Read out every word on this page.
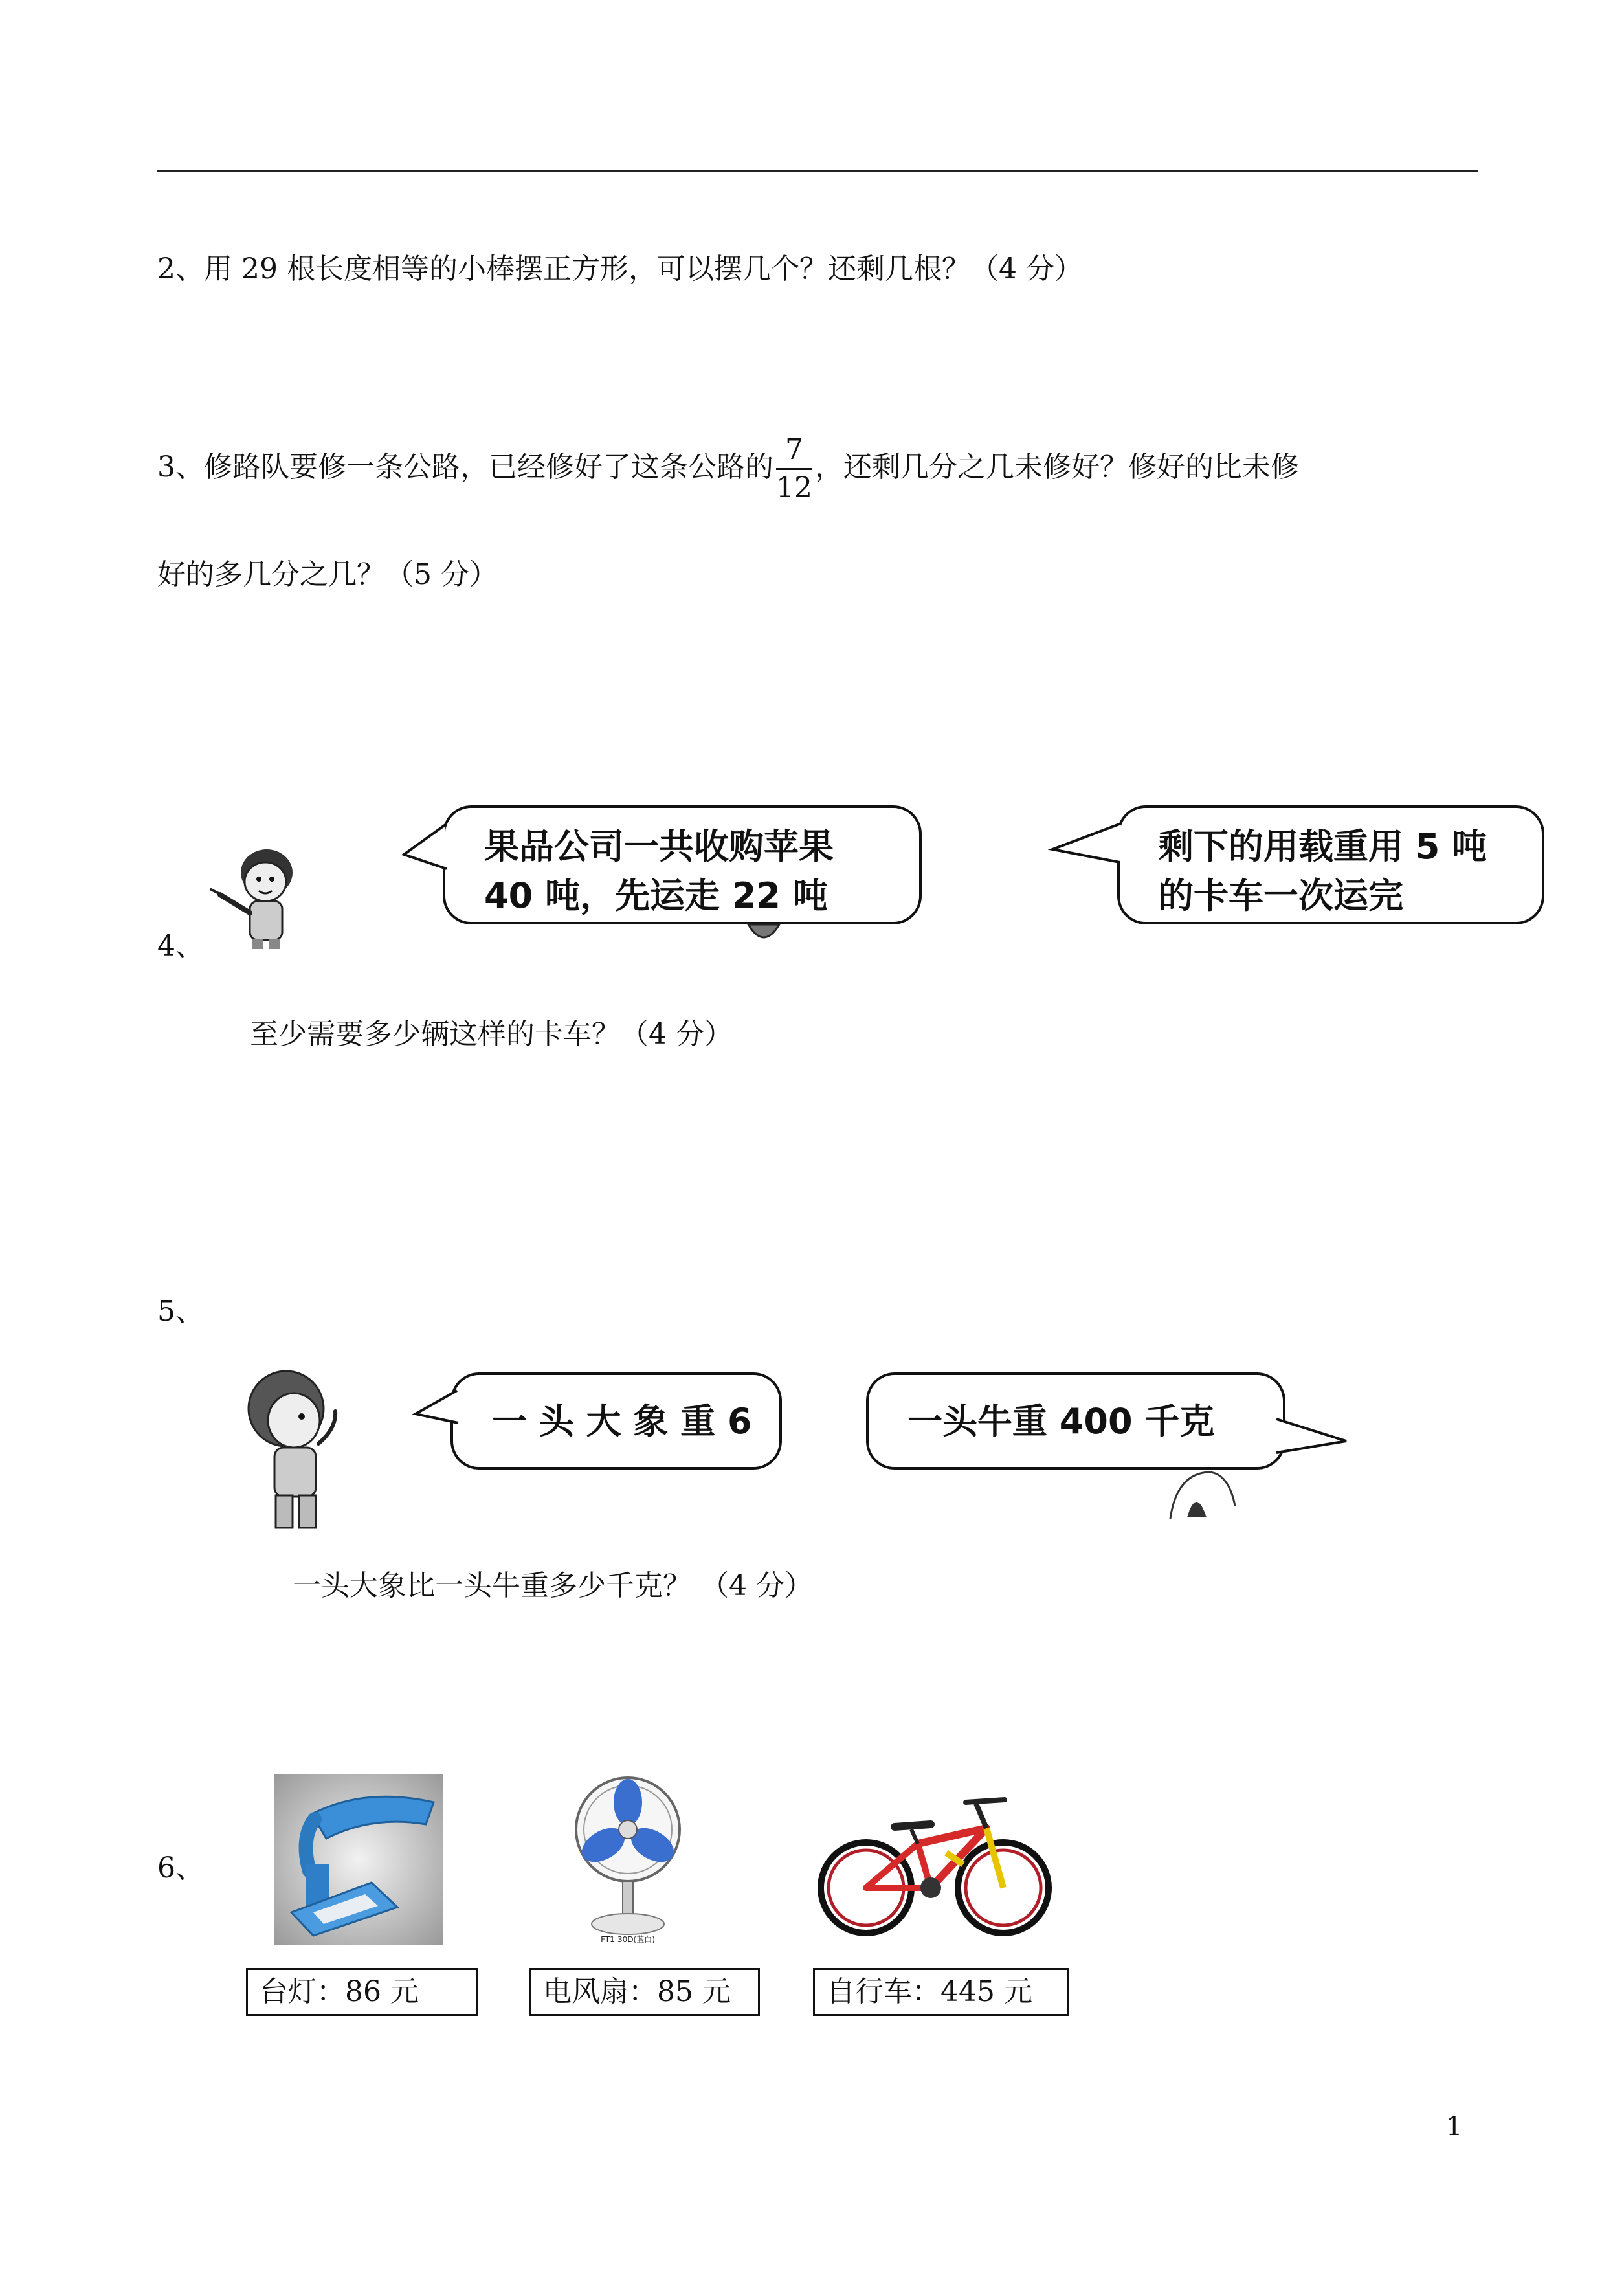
2、用 29 根长度相等的小棒摆正方形，可以摆几个？还剩几根？（4 分）
3、修路队要修一条公路，已经修好了这条公路的 $\frac{7}{12}$ ，还剩几分之几未修好？修好的比未修
好的多几分之几？（5 分）
4、
果品公司一共收购苹果
40 吨，先运走 22 吨
剩下的用载重用 5 吨
的卡车一次运完
至少需要多少辆这样的卡车？（4 分）
5、
一 头 大 象 重 6	一头牛重 400 千克
一头大象比一头牛重多少千克？ （4 分）
6、
FT1-30D(蓝白)
台灯：86 元	电风扇：85 元	自行车：445 元
1
